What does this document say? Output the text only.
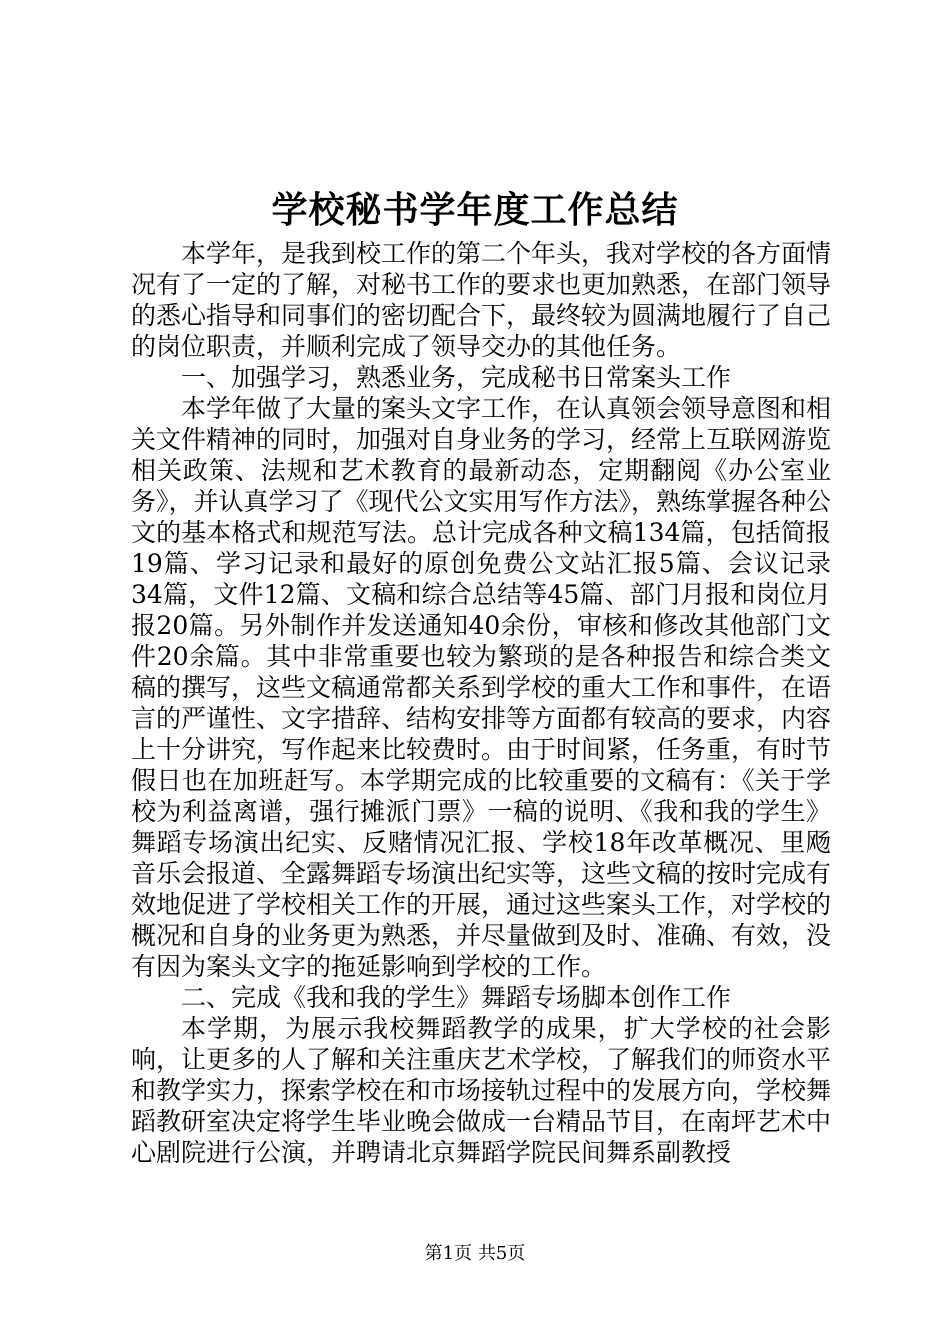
学校秘书学年度工作总结

本学年，是我到校工作的第二个年头，我对学校的各方面情况有了一定的了解，对秘书工作的要求也更加熟悉，在部门领导的悉心指导和同事们的密切配合下，最终较为圆满地履行了自己的岗位职责，并顺利完成了领导交办的其他任务。

一、加强学习，熟悉业务，完成秘书日常案头工作

本学年做了大量的案头文字工作，在认真领会领导意图和相关文件精神的同时，加强对自身业务的学习，经常上互联网游览相关政策、法规和艺术教育的最新动态，定期翻阅《办公室业务》，并认真学习了《现代公文实用写作方法》，熟练掌握各种公文的基本格式和规范写法。总计完成各种文稿134篇，包括简报19篇、学习记录和最好的原创免费公文站汇报5篇、会议记录34篇，文件12篇、文稿和综合总结等45篇、部门月报和岗位月报20篇。另外制作并发送通知40余份，审核和修改其他部门文件20余篇。其中非常重要也较为繁琐的是各种报告和综合类文稿的撰写，这些文稿通常都关系到学校的重大工作和事件，在语言的严谨性、文字措辞、结构安排等方面都有较高的要求，内容上十分讲究，写作起来比较费时。由于时间紧，任务重，有时节假日也在加班赶写。本学期完成的比较重要的文稿有：《关于学校为利益离谱，强行摊派门票》一稿的说明、《我和我的学生》舞蹈专场演出纪实、反赌情况汇报、学校18年改革概况、里飏音乐会报道、全露舞蹈专场演出纪实等，这些文稿的按时完成有效地促进了学校相关工作的开展，通过这些案头工作，对学校的概况和自身的业务更为熟悉，并尽量做到及时、准确、有效，没有因为案头文字的拖延影响到学校的工作。

二、完成《我和我的学生》舞蹈专场脚本创作工作

本学期，为展示我校舞蹈教学的成果，扩大学校的社会影响，让更多的人了解和关注重庆艺术学校，了解我们的师资水平和教学实力，探索学校在和市场接轨过程中的发展方向，学校舞蹈教研室决定将学生毕业晚会做成一台精品节目，在南坪艺术中心剧院进行公演，并聘请北京舞蹈学院民间舞系副教授

第1页 共5页
